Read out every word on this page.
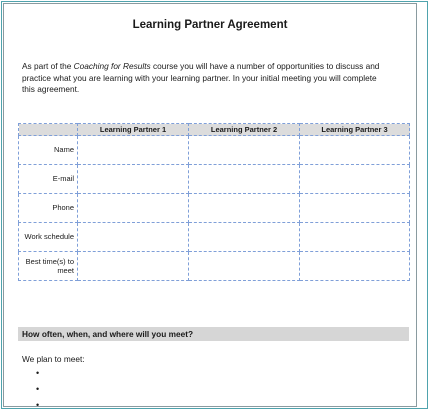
Learning Partner Agreement
As part of the Coaching for Results course you will have a number of opportunities to discuss and practice what you are learning with your learning partner. In your initial meeting you will complete this agreement.
	Learning Partner 1	Learning Partner 2	Learning Partner 3
Name			
E-mail			
Phone			
Work schedule			
Best time(s) to meet			
How often, when, and where will you meet?
We plan to meet:
•
•
•
